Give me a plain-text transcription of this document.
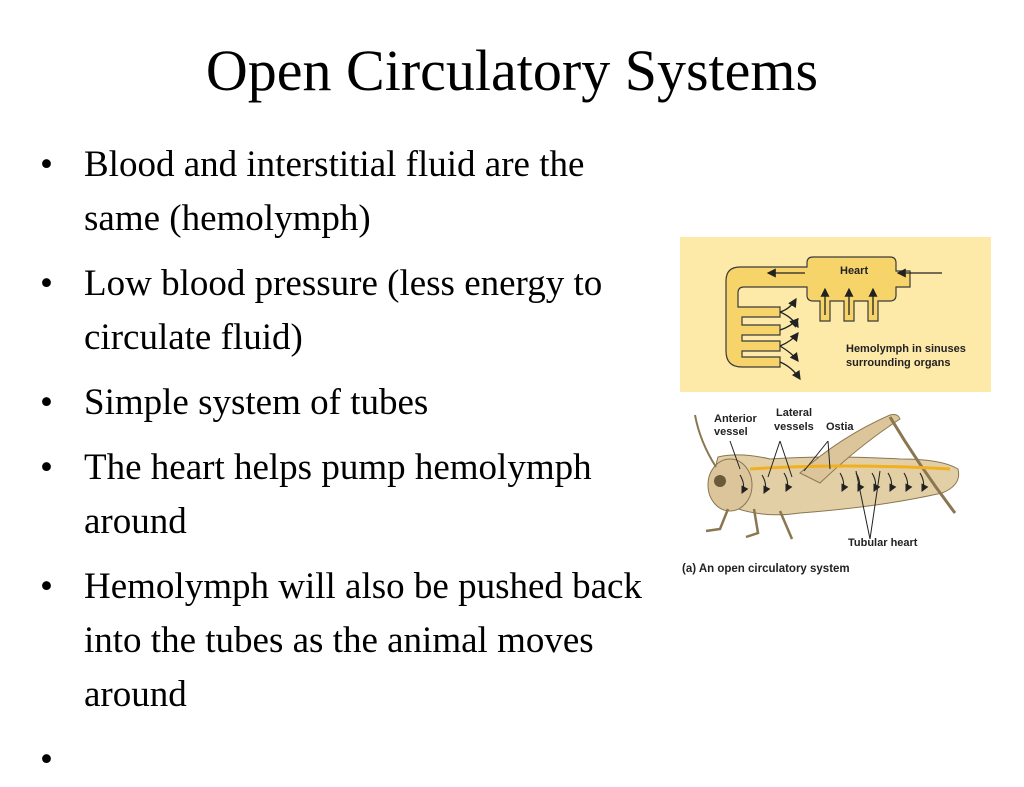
Open Circulatory Systems
• Blood and interstitial fluid are the same (hemolymph)
• Low blood pressure (less energy to circulate fluid)
• Simple system of tubes
• The heart helps pump hemolymph around
• Hemolymph will also be pushed back into the tubes as the animal moves around
•
Heart
Hemolymph in sinuses
surrounding organs
Anterior
vessel
Lateral
vessels Ostia
Tubular heart
(a) An open circulatory system
